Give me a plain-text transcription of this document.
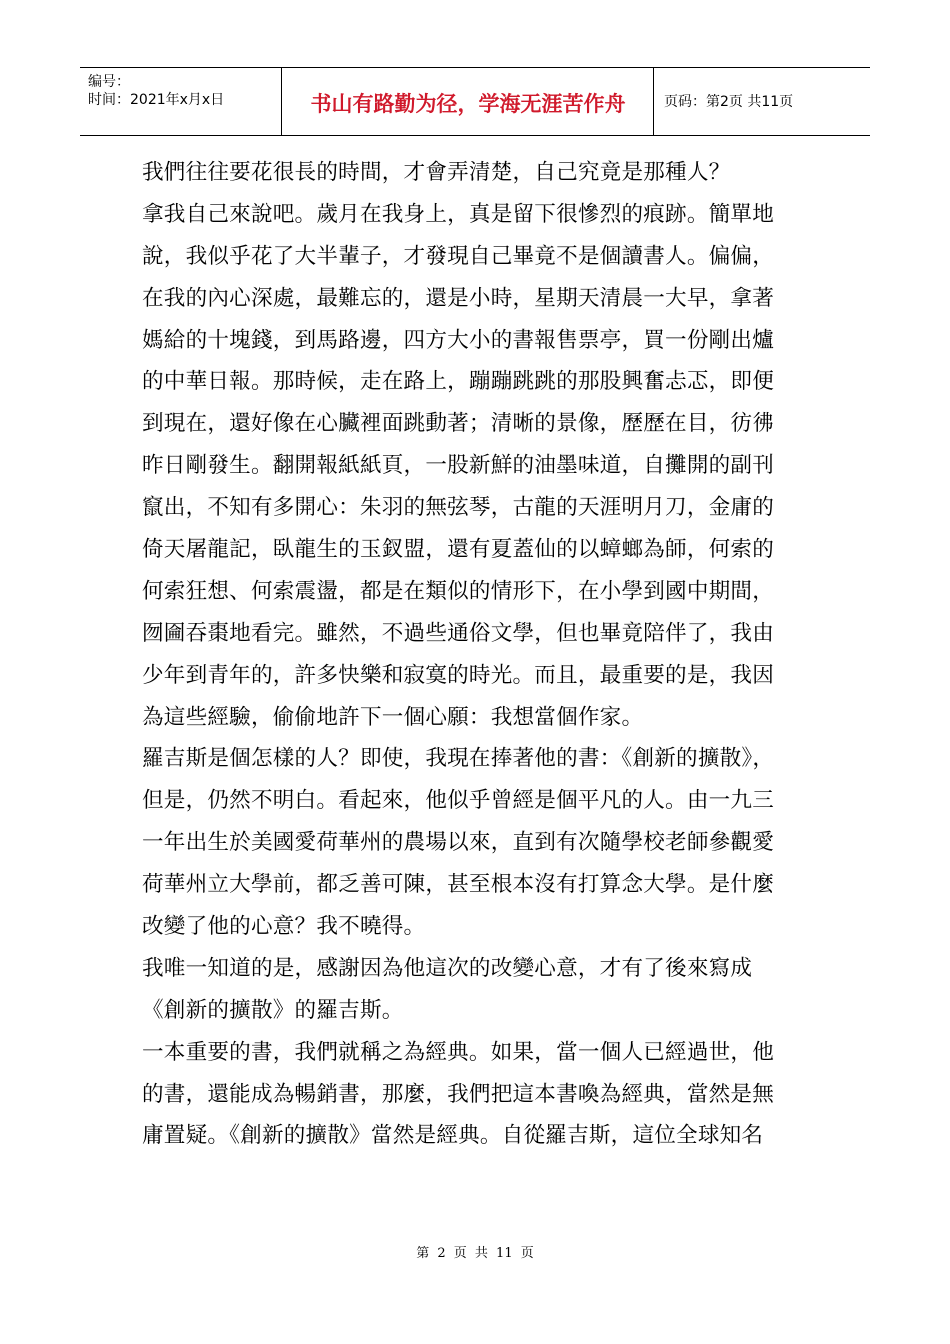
编号：
时间：2021年x月x日	书山有路勤为径，学海无涯苦作舟	页码：第2页 共11页

我們往往要花很長的時間，才會弄清楚，自己究竟是那種人？

拿我自己來說吧。歲月在我身上，真是留下很慘烈的痕跡。簡單地
說，我似乎花了大半輩子，才發現自己畢竟不是個讀書人。偏偏，
在我的內心深處，最難忘的，還是小時，星期天清晨一大早，拿著
媽給的十塊錢，到馬路邊，四方大小的書報售票亭，買一份剛出爐
的中華日報。那時候，走在路上，蹦蹦跳跳的那股興奮忐忑，即便
到現在，還好像在心臟裡面跳動著；清晰的景像，歷歷在目，彷彿
昨日剛發生。翻開報紙紙頁，一股新鮮的油墨味道，自攤開的副刊
竄出，不知有多開心：朱羽的無弦琴，古龍的天涯明月刀，金庸的
倚天屠龍記，臥龍生的玉釵盟，還有夏蓋仙的以蟑螂為師，何索的
何索狂想、何索震盪，都是在類似的情形下，在小學到國中期間，
囫圇吞棗地看完。雖然，不過些通俗文學，但也畢竟陪伴了，我由
少年到青年的，許多快樂和寂寞的時光。而且，最重要的是，我因
為這些經驗，偷偷地許下一個心願：我想當個作家。

羅吉斯是個怎樣的人？即使，我現在捧著他的書：《創新的擴散》，
但是，仍然不明白。看起來，他似乎曾經是個平凡的人。由一九三
一年出生於美國愛荷華州的農場以來，直到有次隨學校老師參觀愛
荷華州立大學前，都乏善可陳，甚至根本沒有打算念大學。是什麼
改變了他的心意？我不曉得。

我唯一知道的是，感謝因為他這次的改變心意，才有了後來寫成
《創新的擴散》的羅吉斯。

一本重要的書，我們就稱之為經典。如果，當一個人已經過世，他
的書，還能成為暢銷書，那麼，我們把這本書喚為經典，當然是無
庸置疑。《創新的擴散》當然是經典。自從羅吉斯，這位全球知名

第 2 页 共 11 页
